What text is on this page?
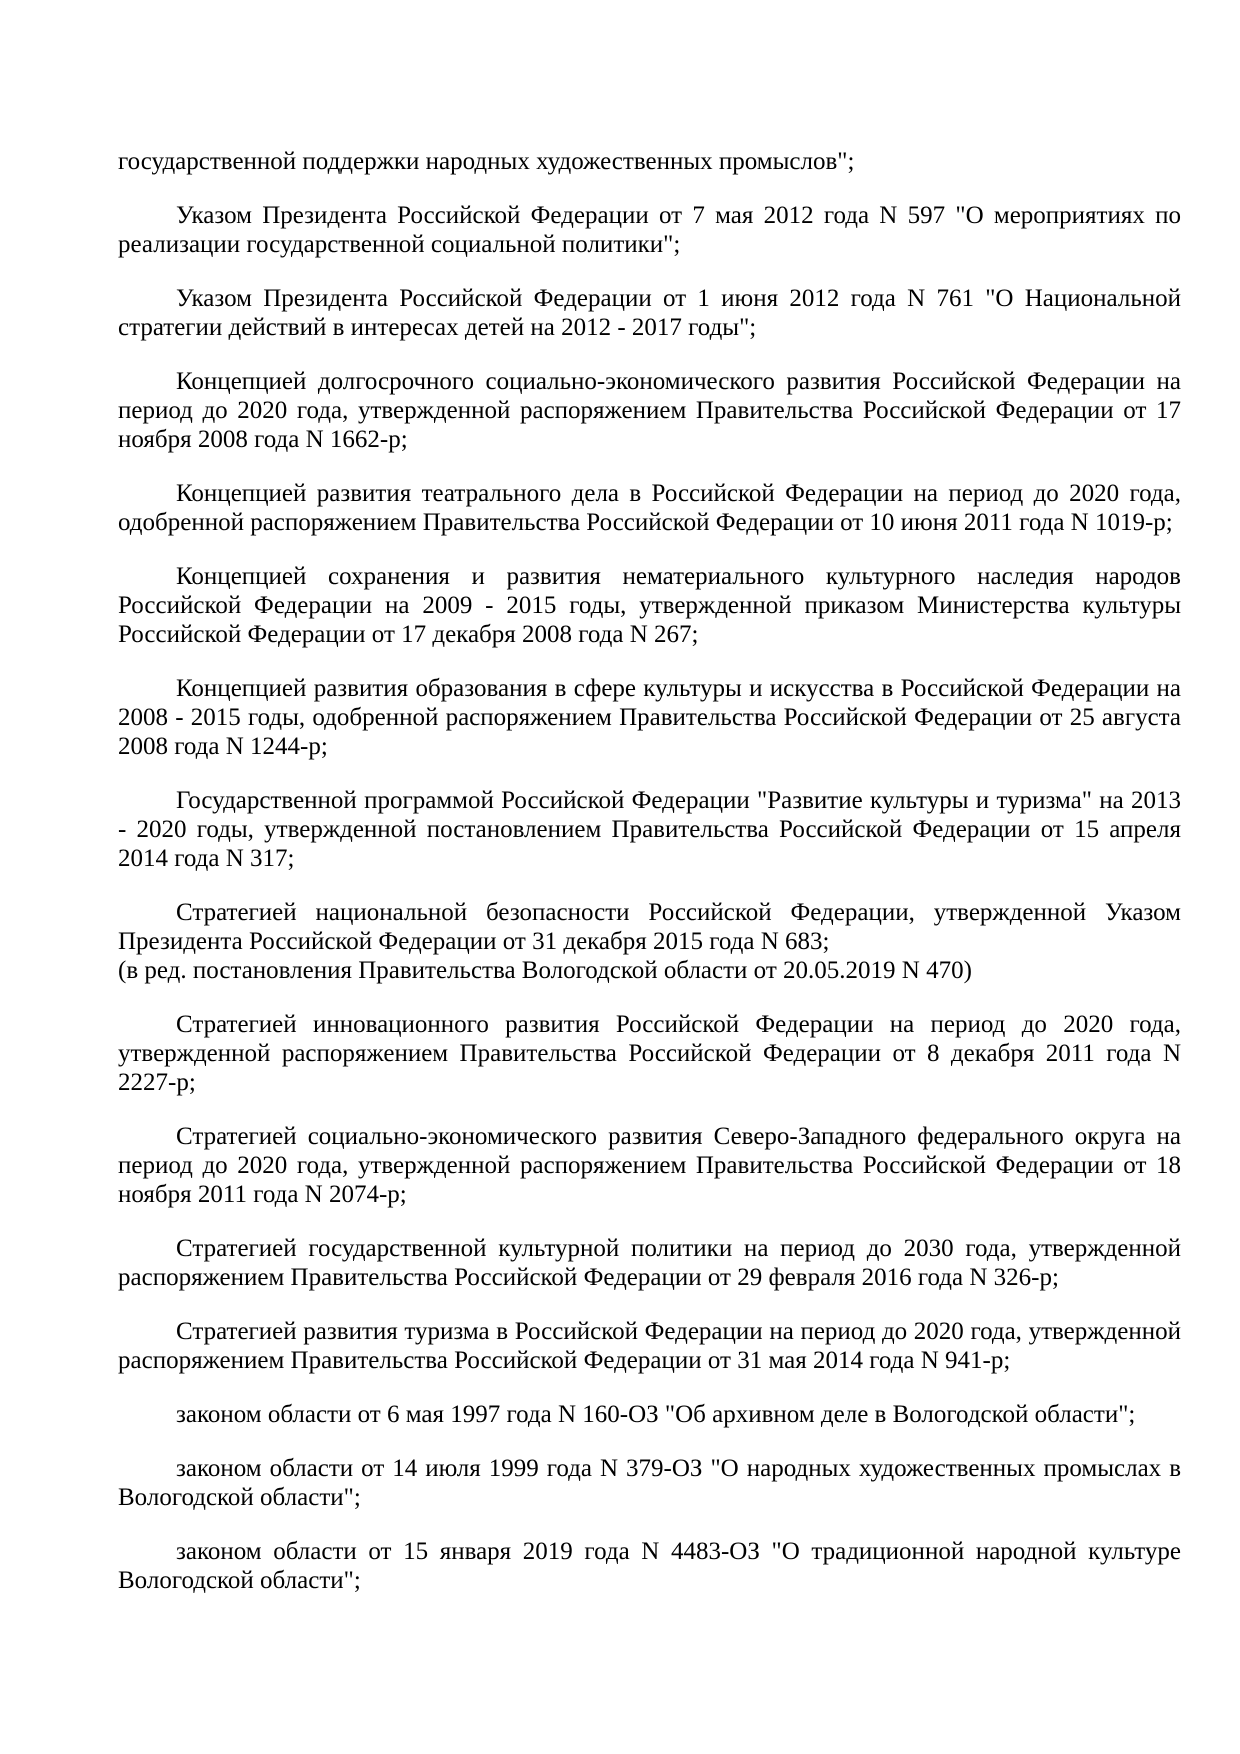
государственной поддержки народных художественных промыслов";

Указом Президента Российской Федерации от 7 мая 2012 года N 597 "О мероприятиях по реализации государственной социальной политики";

Указом Президента Российской Федерации от 1 июня 2012 года N 761 "О Национальной стратегии действий в интересах детей на 2012 - 2017 годы";

Концепцией долгосрочного социально-экономического развития Российской Федерации на период до 2020 года, утвержденной распоряжением Правительства Российской Федерации от 17 ноября 2008 года N 1662-р;

Концепцией развития театрального дела в Российской Федерации на период до 2020 года, одобренной распоряжением Правительства Российской Федерации от 10 июня 2011 года N 1019-р;

Концепцией сохранения и развития нематериального культурного наследия народов Российской Федерации на 2009 - 2015 годы, утвержденной приказом Министерства культуры Российской Федерации от 17 декабря 2008 года N 267;

Концепцией развития образования в сфере культуры и искусства в Российской Федерации на 2008 - 2015 годы, одобренной распоряжением Правительства Российской Федерации от 25 августа 2008 года N 1244-р;

Государственной программой Российской Федерации "Развитие культуры и туризма" на 2013 - 2020 годы, утвержденной постановлением Правительства Российской Федерации от 15 апреля 2014 года N 317;

Стратегией национальной безопасности Российской Федерации, утвержденной Указом Президента Российской Федерации от 31 декабря 2015 года N 683;

(в ред. постановления Правительства Вологодской области от 20.05.2019 N 470)

Стратегией инновационного развития Российской Федерации на период до 2020 года, утвержденной распоряжением Правительства Российской Федерации от 8 декабря 2011 года N 2227-р;

Стратегией социально-экономического развития Северо-Западного федерального округа на период до 2020 года, утвержденной распоряжением Правительства Российской Федерации от 18 ноября 2011 года N 2074-р;

Стратегией государственной культурной политики на период до 2030 года, утвержденной распоряжением Правительства Российской Федерации от 29 февраля 2016 года N 326-р;

Стратегией развития туризма в Российской Федерации на период до 2020 года, утвержденной распоряжением Правительства Российской Федерации от 31 мая 2014 года N 941-р;

законом области от 6 мая 1997 года N 160-ОЗ "Об архивном деле в Вологодской области";

законом области от 14 июля 1999 года N 379-ОЗ "О народных художественных промыслах в Вологодской области";

законом области от 15 января 2019 года N 4483-ОЗ "О традиционной народной культуре Вологодской области";
